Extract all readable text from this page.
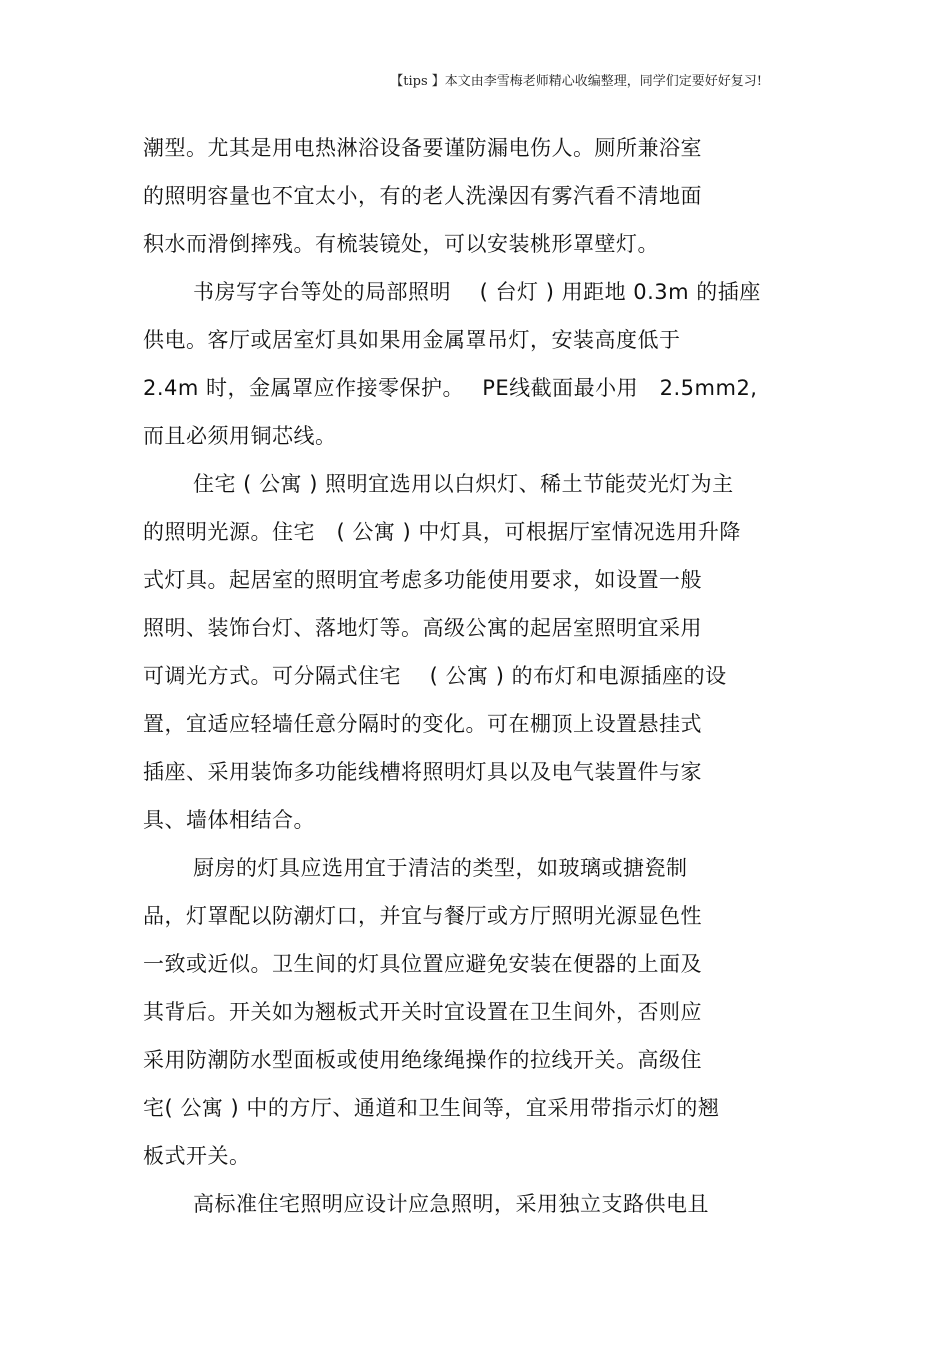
【tips 】本文由李雪梅老师精心收编整理，同学们定要好好复习!
潮型。尤其是用电热淋浴设备要谨防漏电伤人。厕所兼浴室
的照明容量也不宜太小，有的老人洗澡因有雾汽看不清地面
积水而滑倒摔残。有梳装镜处，可以安装桃形罩壁灯。
书房写字台等处的局部照明　 ( 台灯 ) 用距地 0.3m 的插座
供电。客厅或居室灯具如果用金属罩吊灯，安装高度低于
2.4m 时，金属罩应作接零保护。　 PE线截面最小用　2.5mm2,
而且必须用铜芯线。
住宅 ( 公寓 ) 照明宜选用以白炽灯、稀土节能荧光灯为主
的照明光源。住宅　( 公寓 ) 中灯具，可根据厅室情况选用升降
式灯具。起居室的照明宜考虑多功能使用要求，如设置一般
照明、装饰台灯、落地灯等。高级公寓的起居室照明宜采用
可调光方式。可分隔式住宅　 ( 公寓 ) 的布灯和电源插座的设
置，宜适应轻墙任意分隔时的变化。可在棚顶上设置悬挂式
插座、采用装饰多功能线槽将照明灯具以及电气装置件与家
具、墙体相结合。
厨房的灯具应选用宜于清洁的类型，如玻璃或搪瓷制
品，灯罩配以防潮灯口，并宜与餐厅或方厅照明光源显色性
一致或近似。卫生间的灯具位置应避免安装在便器的上面及
其背后。开关如为翘板式开关时宜设置在卫生间外，否则应
采用防潮防水型面板或使用绝缘绳操作的拉线开关。高级住
宅( 公寓 ) 中的方厅、通道和卫生间等，宜采用带指示灯的翘
板式开关。
高标准住宅照明应设计应急照明，采用独立支路供电且
